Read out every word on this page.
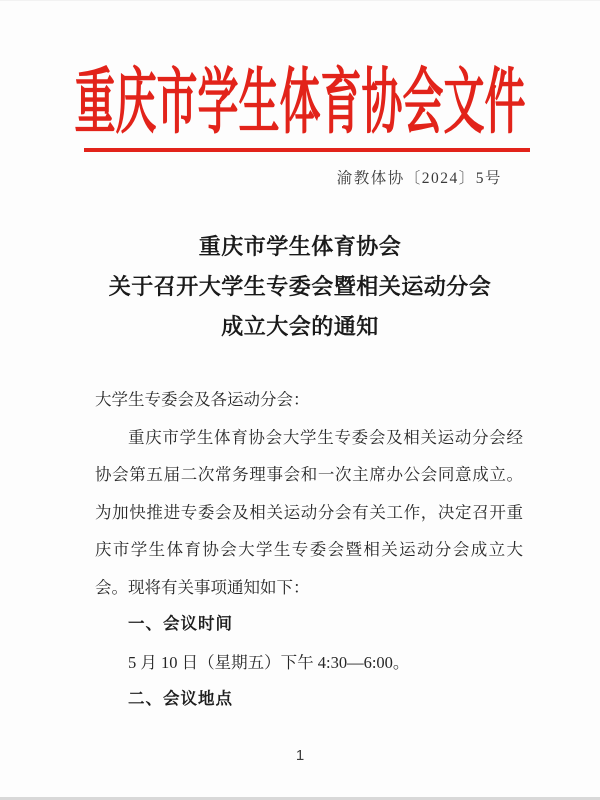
重庆市学生体育协会文件
渝教体协〔2024〕5号
重庆市学生体育协会
关于召开大学生专委会暨相关运动分会
成立大会的通知

大学生专委会及各运动分会：

重庆市学生体育协会大学生专委会及相关运动分会经协会第五届二次常务理事会和一次主席办公会同意成立。为加快推进专委会及相关运动分会有关工作，决定召开重庆市学生体育协会大学生专委会暨相关运动分会成立大会。现将有关事项通知如下：

一、会议时间

5 月 10 日（星期五）下午 4:30—6:00。

二、会议地点

1
